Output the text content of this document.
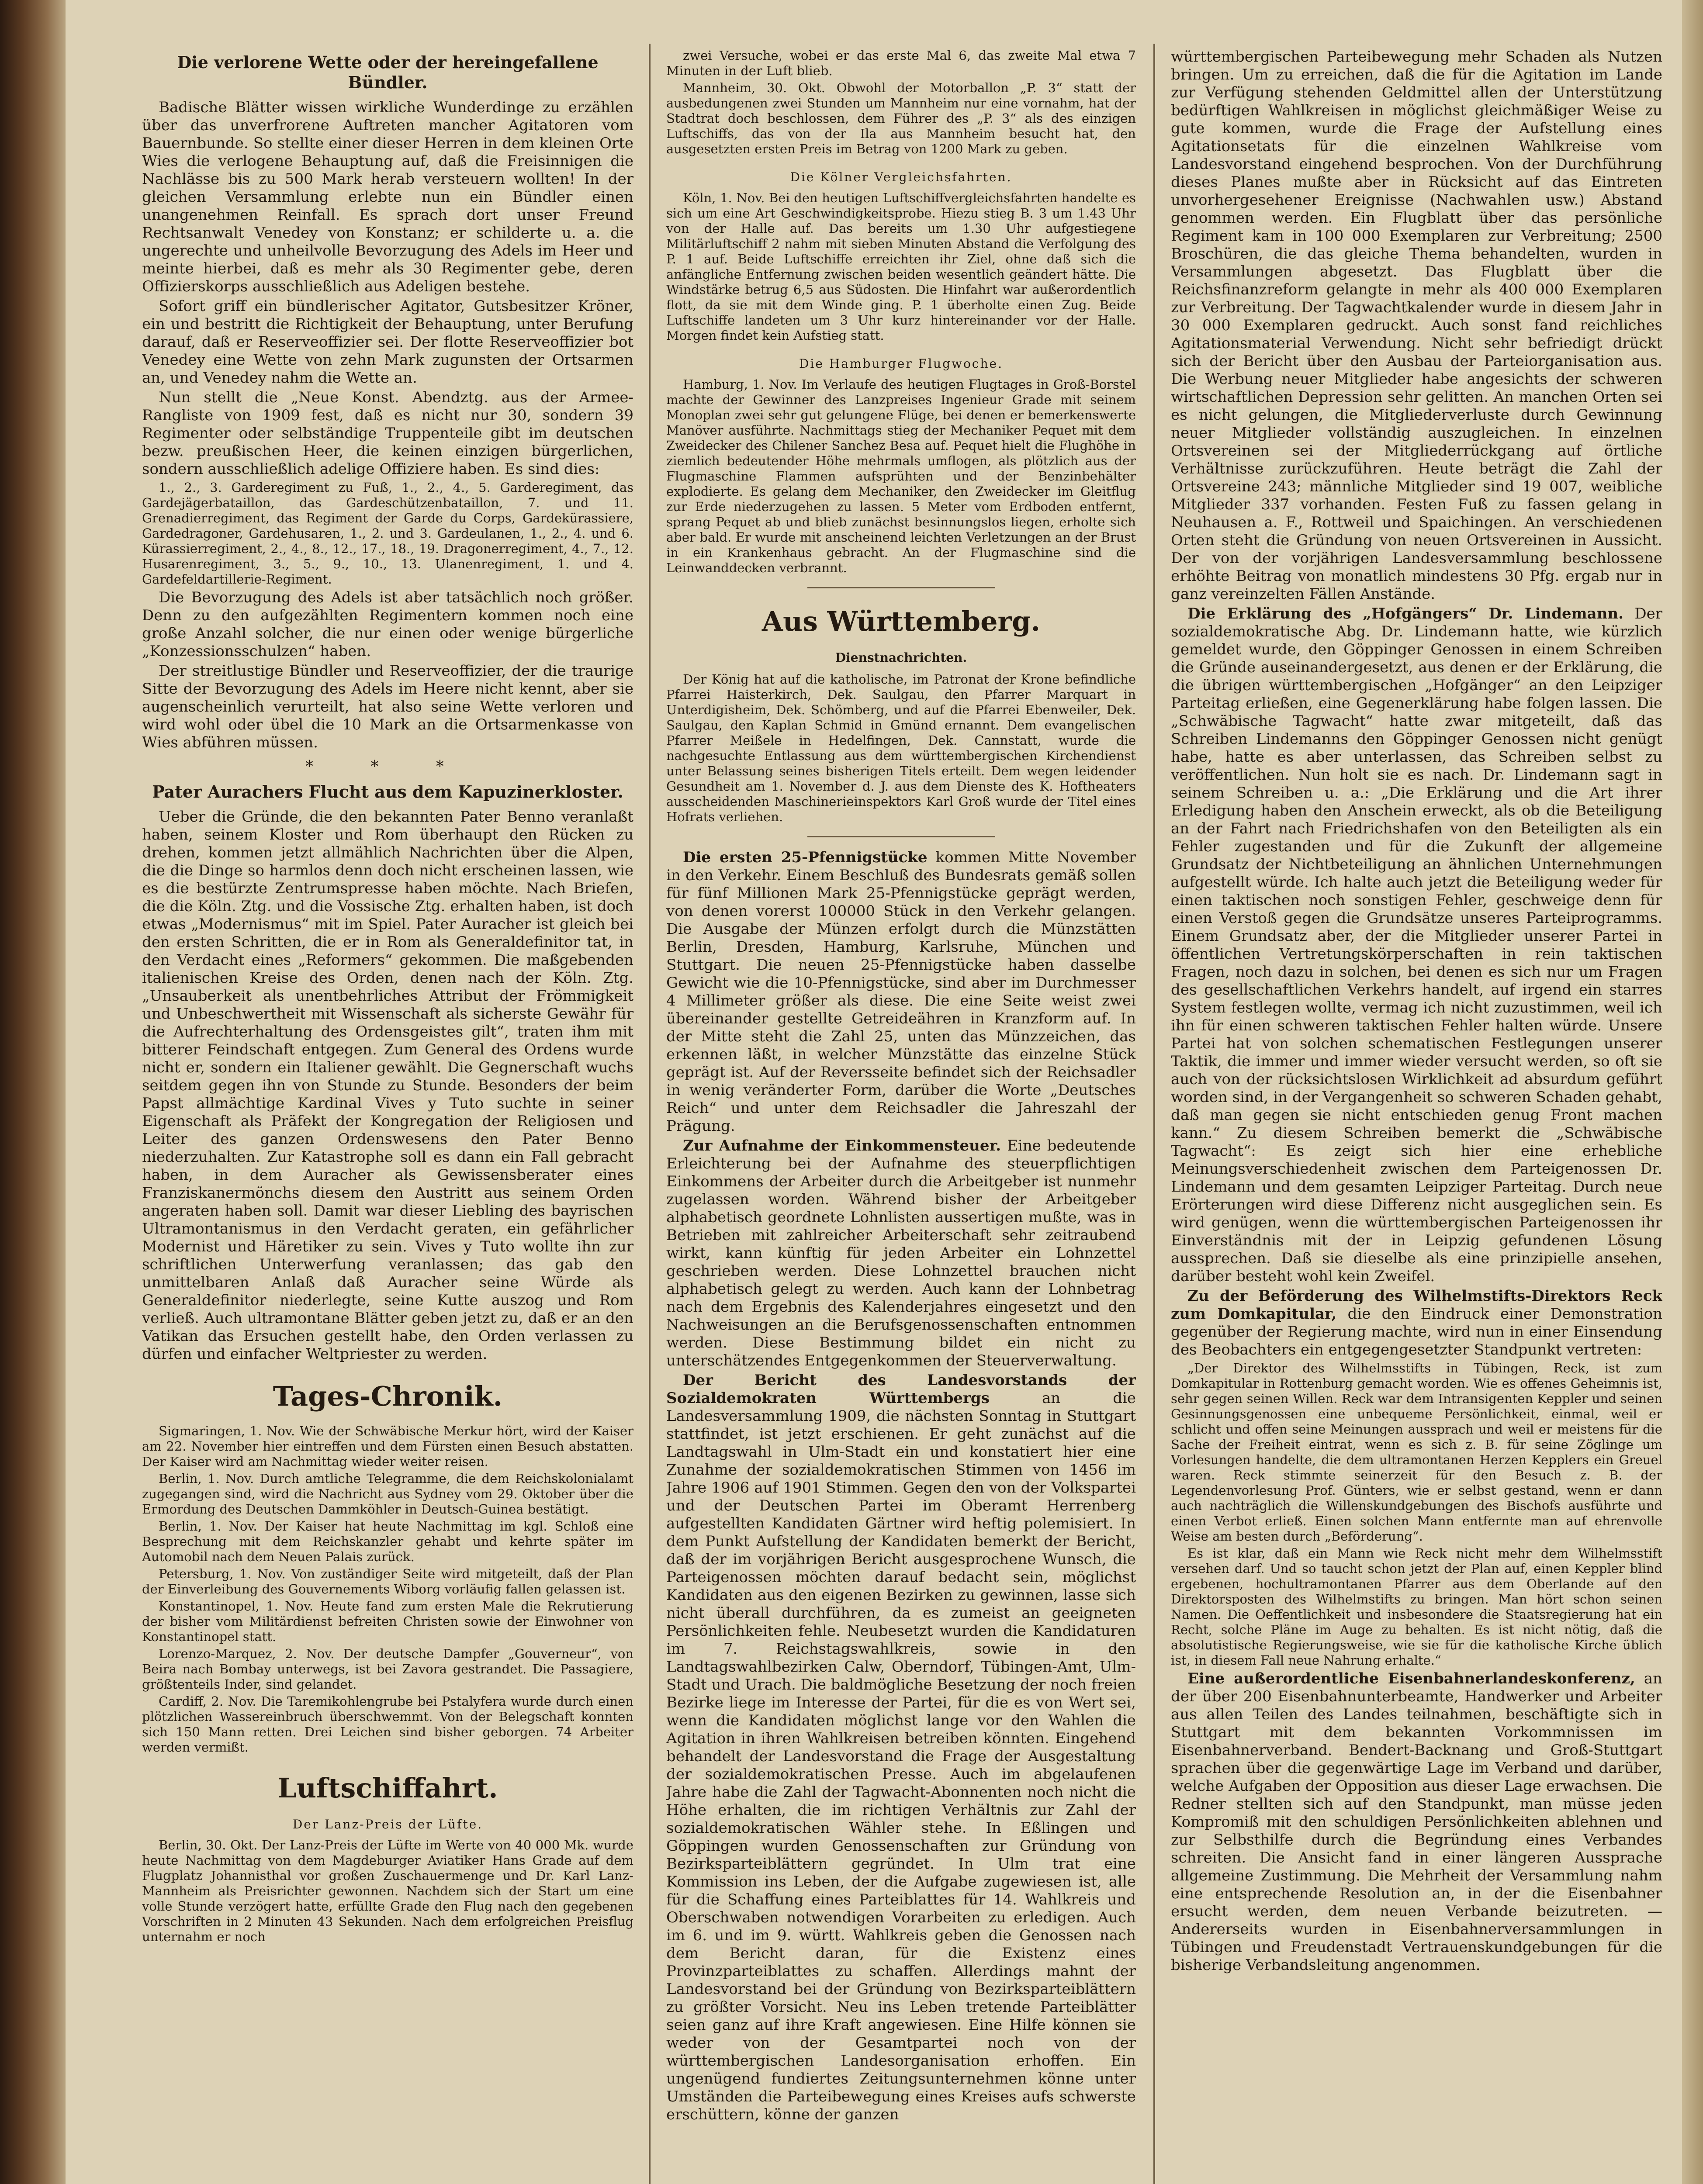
Die verlorene Wette oder der hereingefallene Bündler.

Badische Blätter wissen wirkliche Wunderdinge zu erzählen über das unverfrorene Auftreten mancher Agitatoren vom Bauernbunde. So stellte einer dieser Herren in dem kleinen Orte Wies die verlogene Behauptung auf, daß die Freisinnigen die Nachlässe bis zu 500 Mark herab versteuern wollten! In der gleichen Versammlung erlebte nun ein Bündler einen unangenehmen Reinfall. Es sprach dort unser Freund Rechtsanwalt Venedey von Konstanz; er schilderte u. a. die ungerechte und unheilvolle Bevorzugung des Adels im Heer und meinte hierbei, daß es mehr als 30 Regimenter gebe, deren Offizierskorps ausschließlich aus Adeligen bestehe.

Sofort griff ein bündlerischer Agitator, Gutsbesitzer Kröner, ein und bestritt die Richtigkeit der Behauptung, unter Berufung darauf, daß er Reserveoffizier sei. Der flotte Reserveoffizier bot Venedey eine Wette von zehn Mark zugunsten der Ortsarmen an, und Venedey nahm die Wette an.

Nun stellt die „Neue Konst. Abendztg. aus der Armee-Rangliste von 1909 fest, daß es nicht nur 30, sondern 39 Regimenter oder selbständige Truppenteile gibt im deutschen bezw. preußischen Heer, die keinen einzigen bürgerlichen, sondern ausschließlich adelige Offiziere haben. Es sind dies:

1., 2., 3. Garderegiment zu Fuß, 1., 2., 4., 5. Garderegiment, das Gardejägerbataillon, das Gardeschützenbataillon, 7. und 11. Grenadierregiment, das Regiment der Garde du Corps, Gardekürassiere, Gardedragoner, Gardehusaren, 1., 2. und 3. Gardeulanen, 1., 2., 4. und 6. Kürassierregiment, 2., 4., 8., 12., 17., 18., 19. Dragonerregiment, 4., 7., 12. Husarenregiment, 3., 5., 9., 10., 13. Ulanenregiment, 1. und 4. Gardefeldartillerie-Regiment.

Die Bevorzugung des Adels ist aber tatsächlich noch größer. Denn zu den aufgezählten Regimentern kommen noch eine große Anzahl solcher, die nur einen oder wenige bürgerliche „Konzessionsschulzen“ haben.

Der streitlustige Bündler und Reserveoffizier, der die traurige Sitte der Bevorzugung des Adels im Heere nicht kennt, aber sie augenscheinlich verurteilt, hat also seine Wette verloren und wird wohl oder übel die 10 Mark an die Ortsarmenkasse von Wies abführen müssen.

* * *
Pater Aurachers Flucht aus dem Kapuzinerkloster.

Ueber die Gründe, die den bekannten Pater Benno veranlaßt haben, seinem Kloster und Rom überhaupt den Rücken zu drehen, kommen jetzt allmählich Nachrichten über die Alpen, die die Dinge so harmlos denn doch nicht erscheinen lassen, wie es die bestürzte Zentrumspresse haben möchte. Nach Briefen, die die Köln. Ztg. und die Vossische Ztg. erhalten haben, ist doch etwas „Modernismus“ mit im Spiel. Pater Auracher ist gleich bei den ersten Schritten, die er in Rom als Generaldefinitor tat, in den Verdacht eines „Reformers“ gekommen. Die maßgebenden italienischen Kreise des Orden, denen nach der Köln. Ztg. „Unsauberkeit als unentbehrliches Attribut der Frömmigkeit und Unbeschwertheit mit Wissenschaft als sicherste Gewähr für die Aufrechterhaltung des Ordensgeistes gilt“, traten ihm mit bitterer Feindschaft entgegen. Zum General des Ordens wurde nicht er, sondern ein Italiener gewählt. Die Gegnerschaft wuchs seitdem gegen ihn von Stunde zu Stunde. Besonders der beim Papst allmächtige Kardinal Vives y Tuto suchte in seiner Eigenschaft als Präfekt der Kongregation der Religiosen und Leiter des ganzen Ordenswesens den Pater Benno niederzuhalten. Zur Katastrophe soll es dann ein Fall gebracht haben, in dem Auracher als Gewissensberater eines Franziskanermönchs diesem den Austritt aus seinem Orden angeraten haben soll. Damit war dieser Liebling des bayrischen Ultramontanismus in den Verdacht geraten, ein gefährlicher Modernist und Häretiker zu sein. Vives y Tuto wollte ihn zur schriftlichen Unterwerfung veranlassen; das gab den unmittelbaren Anlaß daß Auracher seine Würde als Generaldefinitor niederlegte, seine Kutte auszog und Rom verließ. Auch ultramontane Blätter geben jetzt zu, daß er an den Vatikan das Ersuchen gestellt habe, den Orden verlassen zu dürfen und einfacher Weltpriester zu werden.

Tages-Chronik.

Sigmaringen, 1. Nov. Wie der Schwäbische Merkur hört, wird der Kaiser am 22. November hier eintreffen und dem Fürsten einen Besuch abstatten. Der Kaiser wird am Nachmittag wieder weiter reisen.

Berlin, 1. Nov. Durch amtliche Telegramme, die dem Reichskolonialamt zugegangen sind, wird die Nachricht aus Sydney vom 29. Oktober über die Ermordung des Deutschen Dammköhler in Deutsch-Guinea bestätigt.

Berlin, 1. Nov. Der Kaiser hat heute Nachmittag im kgl. Schloß eine Besprechung mit dem Reichskanzler gehabt und kehrte später im Automobil nach dem Neuen Palais zurück.

Petersburg, 1. Nov. Von zuständiger Seite wird mitgeteilt, daß der Plan der Einverleibung des Gouvernements Wiborg vorläufig fallen gelassen ist.

Konstantinopel, 1. Nov. Heute fand zum ersten Male die Rekrutierung der bisher vom Militärdienst befreiten Christen sowie der Einwohner von Konstantinopel statt.

Lorenzo-Marquez, 2. Nov. Der deutsche Dampfer „Gouverneur“, von Beira nach Bombay unterwegs, ist bei Zavora gestrandet. Die Passagiere, größtenteils Inder, sind gelandet.

Cardiff, 2. Nov. Die Taremikohlengrube bei Pstalyfera wurde durch einen plötzlichen Wassereinbruch überschwemmt. Von der Belegschaft konnten sich 150 Mann retten. Drei Leichen sind bisher geborgen. 74 Arbeiter werden vermißt.

Luftschiffahrt.
Der Lanz-Preis der Lüfte.

Berlin, 30. Okt. Der Lanz-Preis der Lüfte im Werte von 40 000 Mk. wurde heute Nachmittag von dem Magdeburger Aviatiker Hans Grade auf dem Flugplatz Johannisthal vor großen Zuschauermenge und Dr. Karl Lanz-Mannheim als Preisrichter gewonnen. Nachdem sich der Start um eine volle Stunde verzögert hatte, erfüllte Grade den Flug nach den gegebenen Vorschriften in 2 Minuten 43 Sekunden. Nach dem erfolgreichen Preisflug unternahm er noch

zwei Versuche, wobei er das erste Mal 6, das zweite Mal etwa 7 Minuten in der Luft blieb.

Mannheim, 30. Okt. Obwohl der Motorballon „P. 3“ statt der ausbedungenen zwei Stunden um Mannheim nur eine vornahm, hat der Stadtrat doch beschlossen, dem Führer des „P. 3“ als des einzigen Luftschiffs, das von der Ila aus Mannheim besucht hat, den ausgesetzten ersten Preis im Betrag von 1200 Mark zu geben.

Die Kölner Vergleichsfahrten.

Köln, 1. Nov. Bei den heutigen Luftschiffvergleichsfahrten handelte es sich um eine Art Geschwindigkeitsprobe. Hiezu stieg B. 3 um 1.43 Uhr von der Halle auf. Das bereits um 1.30 Uhr aufgestiegene Militärluftschiff 2 nahm mit sieben Minuten Abstand die Verfolgung des P. 1 auf. Beide Luftschiffe erreichten ihr Ziel, ohne daß sich die anfängliche Entfernung zwischen beiden wesentlich geändert hätte. Die Windstärke betrug 6,5 aus Südosten. Die Hinfahrt war außerordentlich flott, da sie mit dem Winde ging. P. 1 überholte einen Zug. Beide Luftschiffe landeten um 3 Uhr kurz hintereinander vor der Halle. Morgen findet kein Aufstieg statt.

Die Hamburger Flugwoche.

Hamburg, 1. Nov. Im Verlaufe des heutigen Flugtages in Groß-Borstel machte der Gewinner des Lanzpreises Ingenieur Grade mit seinem Monoplan zwei sehr gut gelungene Flüge, bei denen er bemerkenswerte Manöver ausführte. Nachmittags stieg der Mechaniker Pequet mit dem Zweidecker des Chilener Sanchez Besa auf. Pequet hielt die Flughöhe in ziemlich bedeutender Höhe mehrmals umflogen, als plötzlich aus der Flugmaschine Flammen aufsprühten und der Benzinbehälter explodierte. Es gelang dem Mechaniker, den Zweidecker im Gleitflug zur Erde niederzugehen zu lassen. 5 Meter vom Erdboden entfernt, sprang Pequet ab und blieb zunächst besinnungslos liegen, erholte sich aber bald. Er wurde mit anscheinend leichten Verletzungen an der Brust in ein Krankenhaus gebracht. An der Flugmaschine sind die Leinwanddecken verbrannt.

Aus Württemberg.
Dienstnachrichten.

Der König hat auf die katholische, im Patronat der Krone befindliche Pfarrei Haisterkirch, Dek. Saulgau, den Pfarrer Marquart in Unterdigisheim, Dek. Schömberg, und auf die Pfarrei Ebenweiler, Dek. Saulgau, den Kaplan Schmid in Gmünd ernannt. Dem evangelischen Pfarrer Meißele in Hedelfingen, Dek. Cannstatt, wurde die nachgesuchte Entlassung aus dem württembergischen Kirchendienst unter Belassung seines bisherigen Titels erteilt. Dem wegen leidender Gesundheit am 1. November d. J. aus dem Dienste des K. Hoftheaters ausscheidenden Maschinerieinspektors Karl Groß wurde der Titel eines Hofrats verliehen.

Die ersten 25-Pfennigstücke kommen Mitte November in den Verkehr. Einem Beschluß des Bundesrats gemäß sollen für fünf Millionen Mark 25-Pfennigstücke geprägt werden, von denen vorerst 100000 Stück in den Verkehr gelangen. Die Ausgabe der Münzen erfolgt durch die Münzstätten Berlin, Dresden, Hamburg, Karlsruhe, München und Stuttgart. Die neuen 25-Pfennigstücke haben dasselbe Gewicht wie die 10-Pfennigstücke, sind aber im Durchmesser 4 Millimeter größer als diese. Die eine Seite weist zwei übereinander gestellte Getreideähren in Kranzform auf. In der Mitte steht die Zahl 25, unten das Münzzeichen, das erkennen läßt, in welcher Münzstätte das einzelne Stück geprägt ist. Auf der Reversseite befindet sich der Reichsadler in wenig veränderter Form, darüber die Worte „Deutsches Reich“ und unter dem Reichsadler die Jahreszahl der Prägung.

Zur Aufnahme der Einkommensteuer. Eine bedeutende Erleichterung bei der Aufnahme des steuerpflichtigen Einkommens der Arbeiter durch die Arbeitgeber ist nunmehr zugelassen worden. Während bisher der Arbeitgeber alphabetisch geordnete Lohnlisten aussertigen mußte, was in Betrieben mit zahlreicher Arbeiterschaft sehr zeitraubend wirkt, kann künftig für jeden Arbeiter ein Lohnzettel geschrieben werden. Diese Lohnzettel brauchen nicht alphabetisch gelegt zu werden. Auch kann der Lohnbetrag nach dem Ergebnis des Kalenderjahres eingesetzt und den Nachweisungen an die Berufsgenossenschaften entnommen werden. Diese Bestimmung bildet ein nicht zu unterschätzendes Entgegenkommen der Steuerverwaltung.

Der Bericht des Landesvorstands der Sozialdemokraten Württembergs	an die Landesversammlung 1909, die nächsten Sonntag in Stuttgart stattfindet, ist jetzt erschienen. Er geht zunächst auf die Landtagswahl in Ulm-Stadt ein und konstatiert hier eine Zunahme der sozialdemokratischen Stimmen von 1456 im Jahre 1906 auf 1901 Stimmen. Gegen den von der Volkspartei und der Deutschen Partei im Oberamt Herrenberg aufgestellten Kandidaten Gärtner wird heftig polemisiert. In dem Punkt Aufstellung der Kandidaten bemerkt der Bericht, daß der im vorjährigen Bericht ausgesprochene Wunsch, die Parteigenossen möchten darauf bedacht sein, möglichst Kandidaten aus den eigenen Bezirken zu gewinnen, lasse sich nicht überall durchführen, da es zumeist an geeigneten Persönlichkeiten fehle. Neubesetzt wurden die Kandidaturen im 7. Reichstagswahlkreis, sowie in den Landtagswahlbezirken Calw, Oberndorf, Tübingen-Amt, Ulm-Stadt und Urach. Die baldmögliche Besetzung der noch freien Bezirke liege im Interesse der Partei, für die es von Wert sei, wenn die Kandidaten möglichst lange vor den Wahlen die Agitation in ihren Wahlkreisen betreiben könnten. Eingehend behandelt der Landesvorstand die Frage der Ausgestaltung der sozialdemokratischen Presse. Auch im abgelaufenen Jahre habe die Zahl der Tagwacht-Abonnenten noch nicht die Höhe erhalten, die im richtigen Verhältnis zur Zahl der sozialdemokratischen Wähler stehe. In Eßlingen und Göppingen wurden Genossenschaften zur Gründung von Bezirksparteiblättern gegründet. In Ulm trat eine Kommission ins Leben, der die Aufgabe zugewiesen ist, alle für die Schaffung eines Parteiblattes für 14. Wahlkreis und Oberschwaben notwendigen Vorarbeiten zu erledigen. Auch im 6. und im 9. württ. Wahlkreis geben die Genossen nach dem Bericht daran, für die Existenz eines Provinzparteiblattes zu schaffen. Allerdings mahnt der Landesvorstand bei der Gründung von Bezirksparteiblättern zu größter Vorsicht. Neu ins Leben tretende Parteiblätter seien ganz auf ihre Kraft angewiesen. Eine Hilfe können sie weder von der Gesamtpartei noch von der württembergischen Landesorganisation erhoffen. Ein ungenügend fundiertes Zeitungsunternehmen könne unter Umständen die Parteibewegung eines Kreises aufs schwerste erschüttern, könne der ganzen

württembergischen Parteibewegung mehr Schaden als Nutzen bringen. Um zu erreichen, daß die für die Agitation im Lande zur Verfügung stehenden Geldmittel allen der Unterstützung bedürftigen Wahlkreisen in möglichst gleichmäßiger Weise zu gute kommen, wurde die Frage der Aufstellung eines Agitationsetats für die einzelnen Wahlkreise vom Landesvorstand eingehend besprochen. Von der Durchführung dieses Planes mußte aber in Rücksicht auf das Eintreten unvorhergesehener Ereignisse (Nachwahlen usw.) Abstand genommen werden. Ein Flugblatt über das persönliche Regiment kam in 100 000 Exemplaren zur Verbreitung; 2500 Broschüren, die das gleiche Thema behandelten, wurden in Versammlungen abgesetzt. Das Flugblatt über die Reichsfinanzreform gelangte in mehr als 400 000 Exemplaren zur Verbreitung. Der Tagwachtkalender wurde in diesem Jahr in 30 000 Exemplaren gedruckt. Auch sonst fand reichliches Agitationsmaterial Verwendung. Nicht sehr befriedigt drückt sich der Bericht über den Ausbau der Parteiorganisation aus. Die Werbung neuer Mitglieder habe angesichts der schweren wirtschaftlichen Depression sehr gelitten. An manchen Orten sei es nicht gelungen, die Mitgliederverluste durch Gewinnung neuer Mitglieder vollständig auszugleichen. In einzelnen Ortsvereinen sei der Mitgliederrückgang auf örtliche Verhältnisse zurückzuführen. Heute beträgt die Zahl der Ortsvereine 243; männliche Mitglieder sind 19 007, weibliche Mitglieder 337 vorhanden. Festen Fuß zu fassen gelang in Neuhausen a. F., Rottweil und Spaichingen. An verschiedenen Orten steht die Gründung von neuen Ortsvereinen in Aussicht. Der von der vorjährigen Landesversammlung beschlossene erhöhte Beitrag von monatlich mindestens 30 Pfg. ergab nur in ganz vereinzelten Fällen Anstände.

Die Erklärung des „Hofgängers“ Dr. Lindemann. Der sozialdemokratische Abg. Dr. Lindemann hatte, wie kürzlich gemeldet wurde, den Göppinger Genossen in einem Schreiben die Gründe auseinandergesetzt, aus denen er der Erklärung, die die übrigen württembergischen „Hofgänger“ an den Leipziger Parteitag erließen, eine Gegenerklärung habe folgen lassen. Die „Schwäbische Tagwacht“ hatte zwar mitgeteilt, daß das Schreiben Lindemanns den Göppinger Genossen nicht genügt habe, hatte es aber unterlassen, das Schreiben selbst zu veröffentlichen. Nun holt sie es nach. Dr. Lindemann sagt in seinem Schreiben u. a.: „Die Erklärung und die Art ihrer Erledigung haben den Anschein erweckt, als ob die Beteiligung an der Fahrt nach Friedrichshafen von den Beteiligten als ein Fehler zugestanden und für die Zukunft der allgemeine Grundsatz der Nichtbeteiligung an ähnlichen Unternehmungen aufgestellt würde. Ich halte auch jetzt die Beteiligung weder für einen taktischen noch sonstigen Fehler, geschweige denn für einen Verstoß gegen die Grundsätze unseres Parteiprogramms. Einem Grundsatz aber, der die Mitglieder unserer Partei in öffentlichen Vertretungskörperschaften in rein taktischen Fragen, noch dazu in solchen, bei denen es sich nur um Fragen des gesellschaftlichen Verkehrs handelt, auf irgend ein starres System festlegen wollte, vermag ich nicht zuzustimmen, weil ich ihn für einen schweren taktischen Fehler halten würde. Unsere Partei hat von solchen schematischen Festlegungen unserer Taktik, die immer und immer wieder versucht werden, so oft sie auch von der rücksichtslosen Wirklichkeit ad absurdum geführt worden sind, in der Vergangenheit so schweren Schaden gehabt, daß man gegen sie nicht entschieden genug Front machen kann.“ Zu diesem Schreiben bemerkt die „Schwäbische Tagwacht“: Es zeigt sich hier eine erhebliche Meinungsverschiedenheit zwischen dem Parteigenossen Dr. Lindemann und dem gesamten Leipziger Parteitag. Durch neue Erörterungen wird diese Differenz nicht ausgeglichen sein. Es wird genügen, wenn die württembergischen Parteigenossen ihr Einverständnis mit der in Leipzig gefundenen Lösung aussprechen. Daß sie dieselbe als eine prinzipielle ansehen, darüber besteht wohl kein Zweifel.

Zu der Beförderung des Wilhelmstifts-Direktors Reck zum Domkapitular, die den Eindruck einer Demonstration gegenüber der Regierung machte, wird nun in einer Einsendung des Beobachters ein entgegengesetzter Standpunkt vertreten:

„Der Direktor des Wilhelmsstifts in Tübingen, Reck, ist zum Domkapitular in Rottenburg gemacht worden. Wie es offenes Geheimnis ist, sehr gegen seinen Willen. Reck war dem Intransigenten Keppler und seinen Gesinnungsgenossen eine unbequeme Persönlichkeit, einmal, weil er schlicht und offen seine Meinungen aussprach und weil er meistens für die Sache der Freiheit eintrat, wenn es sich z. B. für seine Zöglinge um Vorlesungen handelte, die dem ultramontanen Herzen Kepplers ein Greuel waren. Reck stimmte seinerzeit für den Besuch z. B. der Legendenvorlesung Prof. Günters, wie er selbst gestand, wenn er dann auch nachträglich die Willenskundgebungen des Bischofs ausführte und einen Verbot erließ. Einen solchen Mann entfernte man auf ehrenvolle Weise am besten durch „Beförderung“.

Es ist klar, daß ein Mann wie Reck nicht mehr dem Wilhelmsstift versehen darf. Und so taucht schon jetzt der Plan auf, einen Keppler blind ergebenen, hochultramontanen Pfarrer aus dem Oberlande auf den Direktorsposten des Wilhelmstifts zu bringen. Man hört schon seinen Namen. Die Oeffentlichkeit und insbesondere die Staatsregierung hat ein Recht, solche Pläne im Auge zu behalten. Es ist nicht nötig, daß die absolutistische Regierungsweise, wie sie für die katholische Kirche üblich ist, in diesem Fall neue Nahrung erhalte.“

Eine außerordentliche Eisenbahnerlandeskonferenz, an der über 200 Eisenbahnunterbeamte, Handwerker und Arbeiter aus allen Teilen des Landes teilnahmen, beschäftigte sich in Stuttgart mit dem bekannten Vorkommnissen im Eisenbahnerverband. Bendert-Backnang und Groß-Stuttgart sprachen über die gegenwärtige Lage im Verband und darüber, welche Aufgaben der Opposition aus dieser Lage erwachsen. Die Redner stellten sich auf den Standpunkt, man müsse jeden Kompromiß mit den schuldigen Persönlichkeiten ablehnen und zur Selbsthilfe durch die Begründung eines Verbandes schreiten. Die Ansicht fand in einer längeren Aussprache allgemeine Zustimmung. Die Mehrheit der Versammlung nahm eine entsprechende Resolution an, in der die Eisenbahner ersucht werden, dem neuen Verbande beizutreten. — Andererseits wurden in Eisenbahnerversammlungen in Tübingen und Freudenstadt Vertrauenskundgebungen für die bisherige Verbandsleitung angenommen.
